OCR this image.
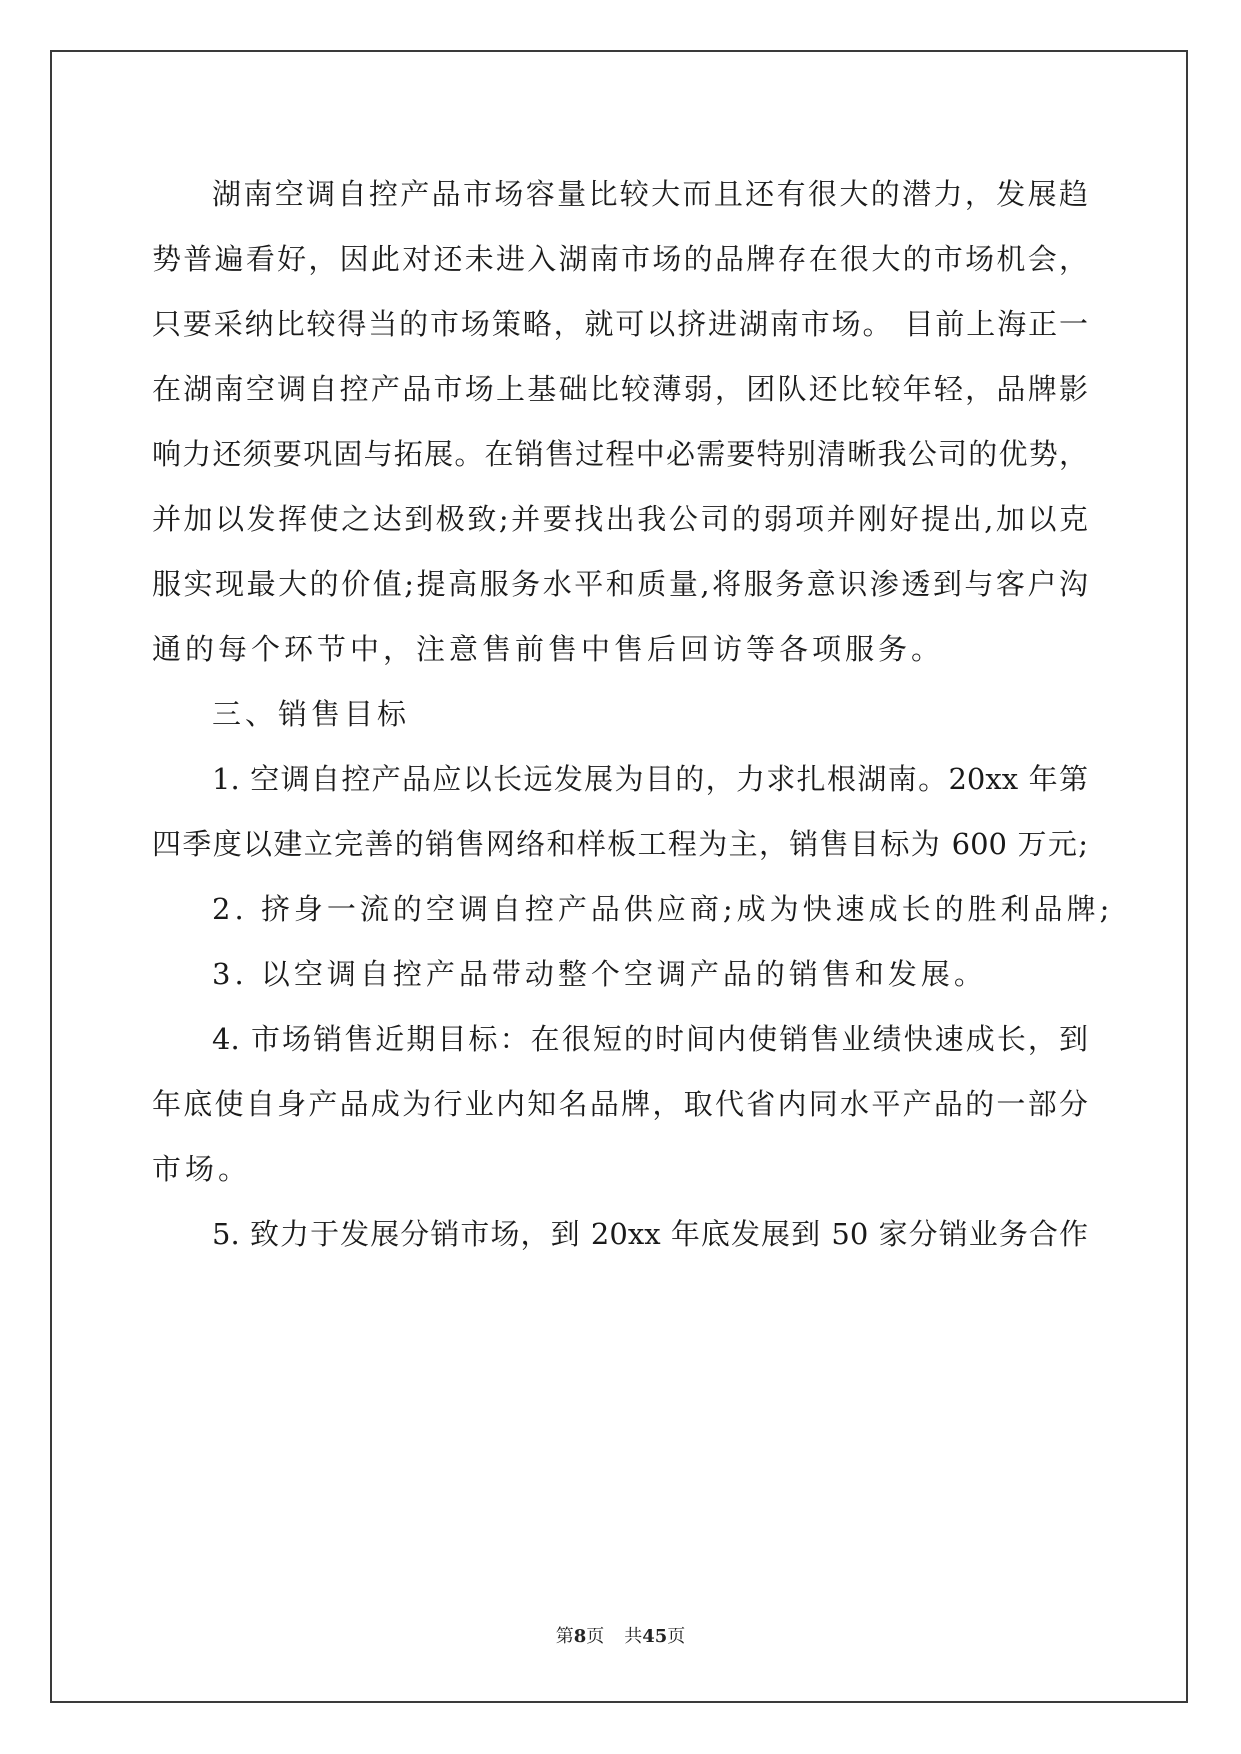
湖南空调自控产品市场容量比较大而且还有很大的潜力，发展趋
势普遍看好，因此对还未进入湖南市场的品牌存在很大的市场机会，
只要采纳比较得当的市场策略，就可以挤进湖南市场。 目前上海正一
在湖南空调自控产品市场上基础比较薄弱，团队还比较年轻，品牌影
响力还须要巩固与拓展。在销售过程中必需要特别清晰我公司的优势，
并加以发挥使之达到极致;并要找出我公司的弱项并刚好提出,加以克
服实现最大的价值;提高服务水平和质量,将服务意识渗透到与客户沟
通的每个环节中，注意售前售中售后回访等各项服务。
三、销售目标
1. 空调自控产品应以长远发展为目的，力求扎根湖南。20xx 年第
四季度以建立完善的销售网络和样板工程为主，销售目标为 600 万元;
2. 挤身一流的空调自控产品供应商;成为快速成长的胜利品牌;
3. 以空调自控产品带动整个空调产品的销售和发展。
4. 市场销售近期目标：在很短的时间内使销售业绩快速成长，到
年底使自身产品成为行业内知名品牌，取代省内同水平产品的一部分
市场。
5. 致力于发展分销市场，到 20xx 年底发展到 50 家分销业务合作
第8页 共45页
